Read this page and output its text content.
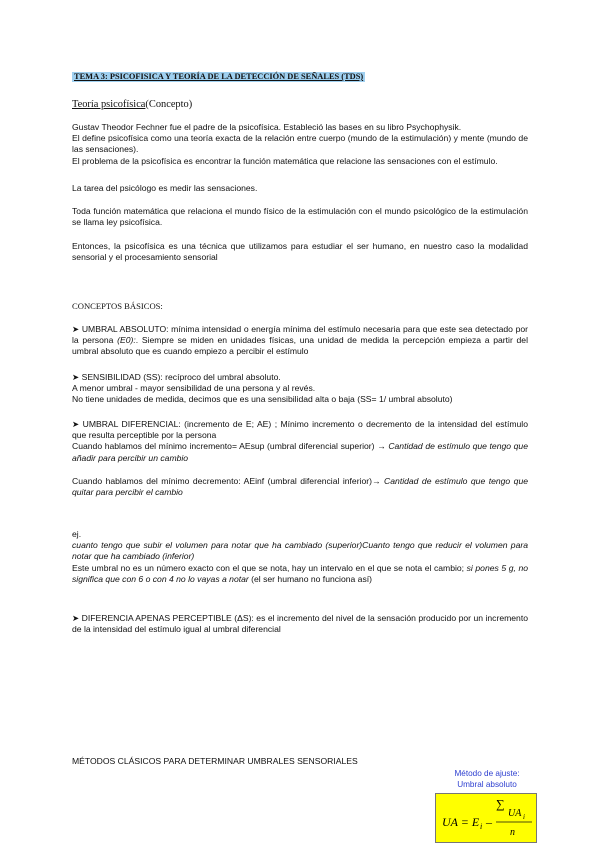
TEMA 3: PSICOFISICA Y TEORÍA DE LA DETECCIÓN DE SEÑALES (TDS)
Teoría psicofísica(Concepto)

Gustav Theodor Fechner fue el padre de la psicofísica. Estableció las bases en su libro Psychophysik.

El define psicofísica como una teoría exacta de la relación entre cuerpo (mundo de la estimulación) y mente (mundo de las sensaciones).

El problema de la psicofísica es encontrar la función matemática que relacione las sensaciones con el estímulo.

La tarea del psicólogo es medir las sensaciones.
Toda función matemática que relaciona el mundo físico de la estimulación con el mundo psicológico de la estimulación se llama ley psicofísica.
Entonces, la psicofísica es una técnica que utilizamos para estudiar el ser humano, en nuestro caso la modalidad sensorial y el procesamiento sensorial
CONCEPTOS BÁSICOS:
➤ UMBRAL ABSOLUTO: mínima intensidad o energía mínima del estímulo necesaria para que este sea detectado por la persona (E0):. Siempre se miden en unidades físicas, una unidad de medida la percepción empieza a partir del umbral absoluto que es cuando empiezo a percibir el estímulo

➤ SENSIBILIDAD (SS): recíproco del umbral absoluto.

A menor umbral - mayor sensibilidad de una persona y al revés.

No tiene unidades de medida, decimos que es una sensibilidad alta o baja (SS= 1/ umbral absoluto)

➤ UMBRAL DIFERENCIAL: (incremento de E; AE) ; Mínimo incremento o decremento de la intensidad del estímulo que resulta perceptible por la persona

Cuando hablamos del mínimo incremento= AEsup (umbral diferencial superior) → Cantidad de estímulo que tengo que añadir para percibir un cambio

Cuando hablamos del mínimo decremento: AEinf (umbral diferencial inferior)→ Cantidad de estímulo que tengo que quitar para percibir el cambio

ej.

cuanto tengo que subir el volumen para notar que ha cambiado (superior)Cuanto tengo que reducir el volumen para notar que ha cambiado (inferior)

Este umbral no es un número exacto con el que se nota, hay un intervalo en el que se nota el cambio; si pones 5 g, no significa que con 6 o con 4 no lo vayas a notar (el ser humano no funciona así)

➤ DIFERENCIA APENAS PERCEPTIBLE (ΔS): es el incremento del nivel de la sensación producido por un incremento de la intensidad del estímulo igual al umbral diferencial
MÉTODOS CLÁSICOS PARA DETERMINAR UMBRALES SENSORIALES
Método de ajuste:
Umbral absoluto
UA = E i –
∑
UA i
n
